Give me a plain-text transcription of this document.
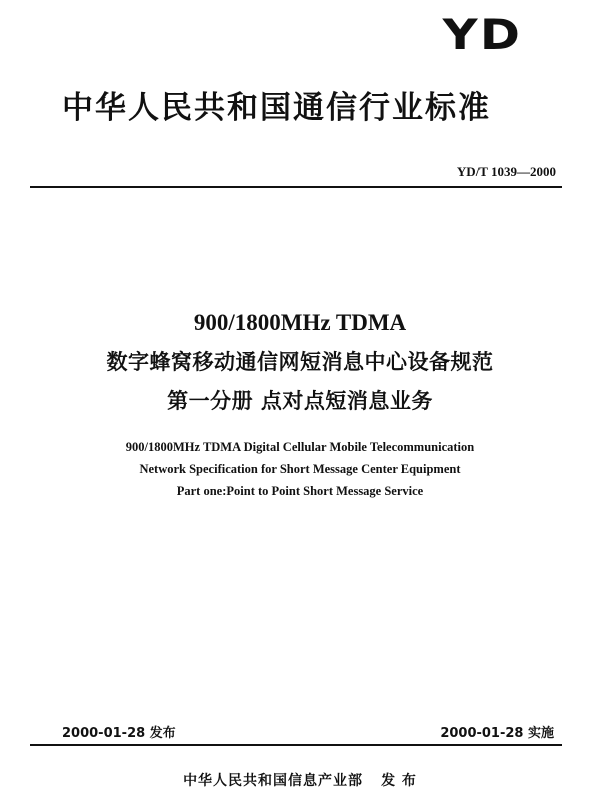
YD
中华人民共和国通信行业标准
YD/T 1039—2000
900/1800MHz TDMA
数字蜂窝移动通信网短消息中心设备规范
第一分册 点对点短消息业务
900/1800MHz TDMA Digital Cellular Mobile Telecommunication
Network Specification for Short Message Center Equipment
Part one:Point to Point Short Message Service
2000-01-28 发布	2000-01-28 实施
中华人民共和国信息产业部 发 布
